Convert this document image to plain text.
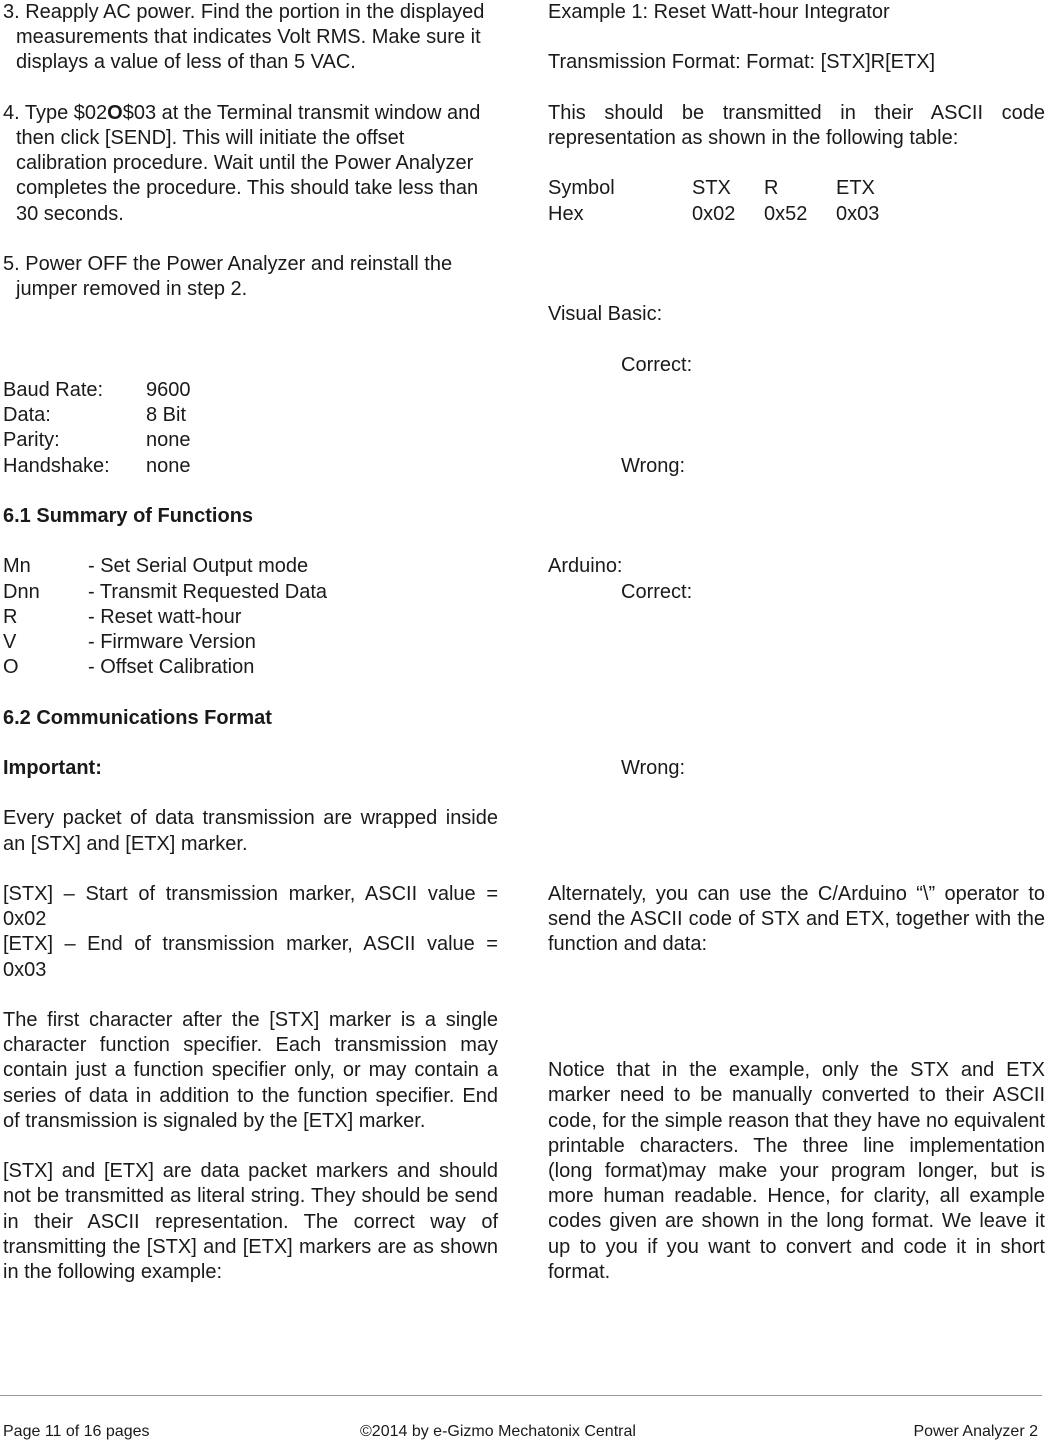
3. Reapply AC power. Find the portion in the displayed measurements that indicates Volt RMS. Make sure it displays a value of less of than 5 VAC.

4. Type $02O$03 at the Terminal transmit window and then click [SEND]. This will initiate the offset calibration procedure. Wait until the Power Analyzer completes the procedure. This should take less than 30 seconds.

5. Power OFF the Power Analyzer and reinstall the jumper removed in step 2.

Baud Rate:	9600
Data:	8 Bit
Parity:	none
Handshake:	none

6.1 Summary of Functions

Mn	- Set Serial Output mode
Dnn	- Transmit Requested Data
R	- Reset watt-hour
V	- Firmware Version
O	- Offset Calibration

6.2 Communications Format

Important:

Every packet of data transmission are wrapped inside an [STX] and [ETX] marker.

[STX] – Start of transmission marker, ASCII value = 0x02

[ETX] – End of transmission marker, ASCII value = 0x03

The first character after the [STX] marker is a single character function specifier. Each transmission may contain just a function specifier only, or may contain a series of data in addition to the function specifier. End of transmission is signaled by the [ETX] marker.

[STX] and [ETX] are data packet markers and should not be transmitted as literal string. They should be send in their ASCII representation. The correct way of transmitting the [STX] and [ETX] markers are as shown in the following example:

Example 1: Reset Watt-hour Integrator

Transmission Format: Format: [STX]R[ETX]

This should be transmitted in their ASCII code representation as shown in the following table:

Symbol	STX	R	ETX
Hex	0x02	0x52	0x03

Visual Basic:

Correct:

Wrong:

Arduino:

Correct:

Wrong:

Alternately, you can use the C/Arduino “\” operator to send the ASCII code of STX and ETX, together with the function and data:

Notice that in the example, only the STX and ETX marker need to be manually converted to their ASCII code, for the simple reason that they have no equivalent printable characters. The three line implementation (long format)may make your program longer, but is more human readable. Hence, for clarity, all example codes given are shown in the long format. We leave it up to you if you want to convert and code it in short format.

Page 11 of 16 pages	©2014 by e-Gizmo Mechatonix Central	Power Analyzer 2
